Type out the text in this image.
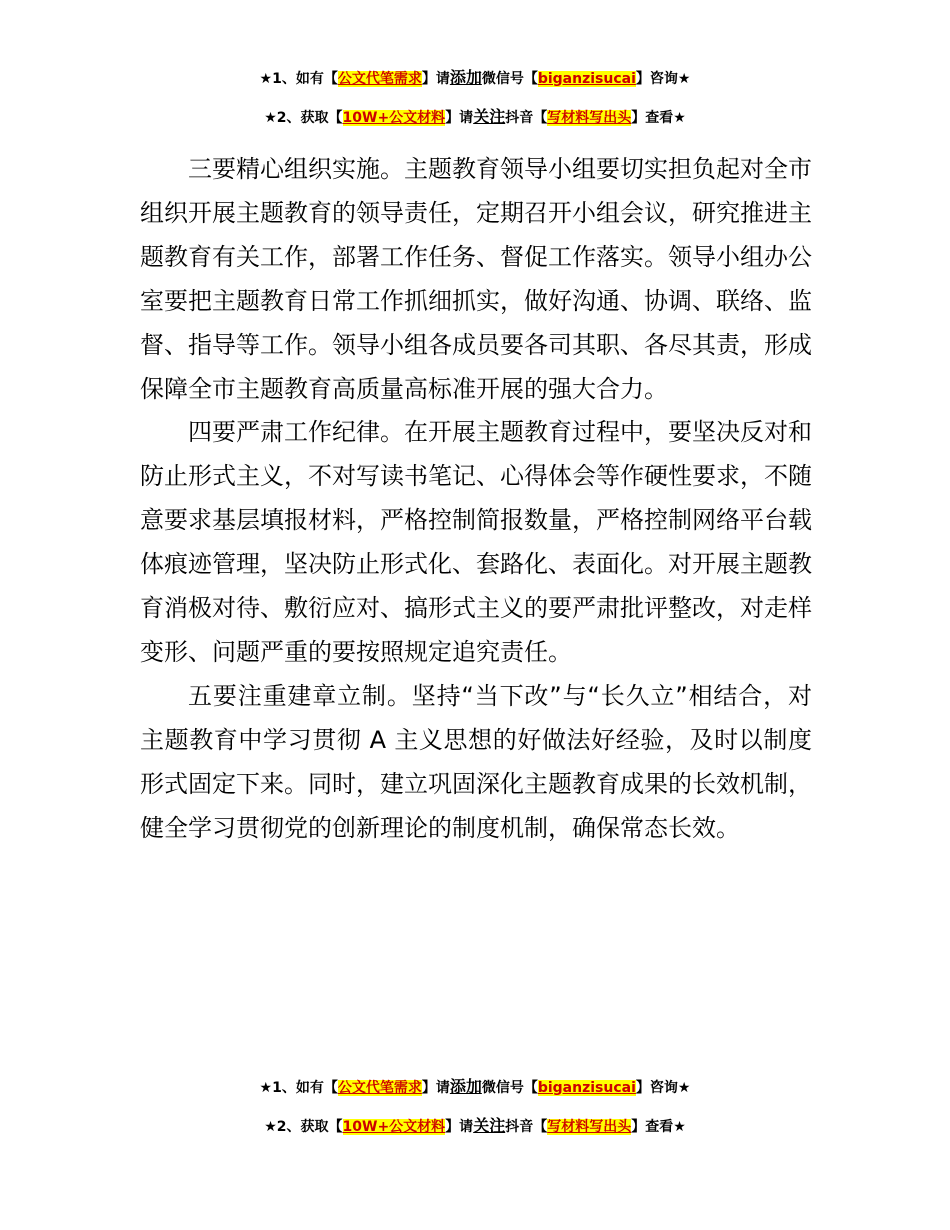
★1、如有【公文代笔需求】请添加微信号【biganzisucai】咨询★
★2、获取【10W+公文材料】请关注抖音【写材料写出头】查看★

三要精心组织实施。主题教育领导小组要切实担负起对全市组织开展主题教育的领导责任，定期召开小组会议，研究推进主题教育有关工作，部署工作任务、督促工作落实。领导小组办公室要把主题教育日常工作抓细抓实，做好沟通、协调、联络、监督、指导等工作。领导小组各成员要各司其职、各尽其责，形成保障全市主题教育高质量高标准开展的强大合力。

四要严肃工作纪律。在开展主题教育过程中，要坚决反对和防止形式主义，不对写读书笔记、心得体会等作硬性要求，不随意要求基层填报材料，严格控制简报数量，严格控制网络平台载体痕迹管理，坚决防止形式化、套路化、表面化。对开展主题教育消极对待、敷衍应对、搞形式主义的要严肃批评整改，对走样变形、问题严重的要按照规定追究责任。

五要注重建章立制。坚持“当下改”与“长久立”相结合，对主题教育中学习贯彻 A 主义思想的好做法好经验，及时以制度形式固定下来。同时，建立巩固深化主题教育成果的长效机制，健全学习贯彻党的创新理论的制度机制，确保常态长效。

★1、如有【公文代笔需求】请添加微信号【biganzisucai】咨询★
★2、获取【10W+公文材料】请关注抖音【写材料写出头】查看★
